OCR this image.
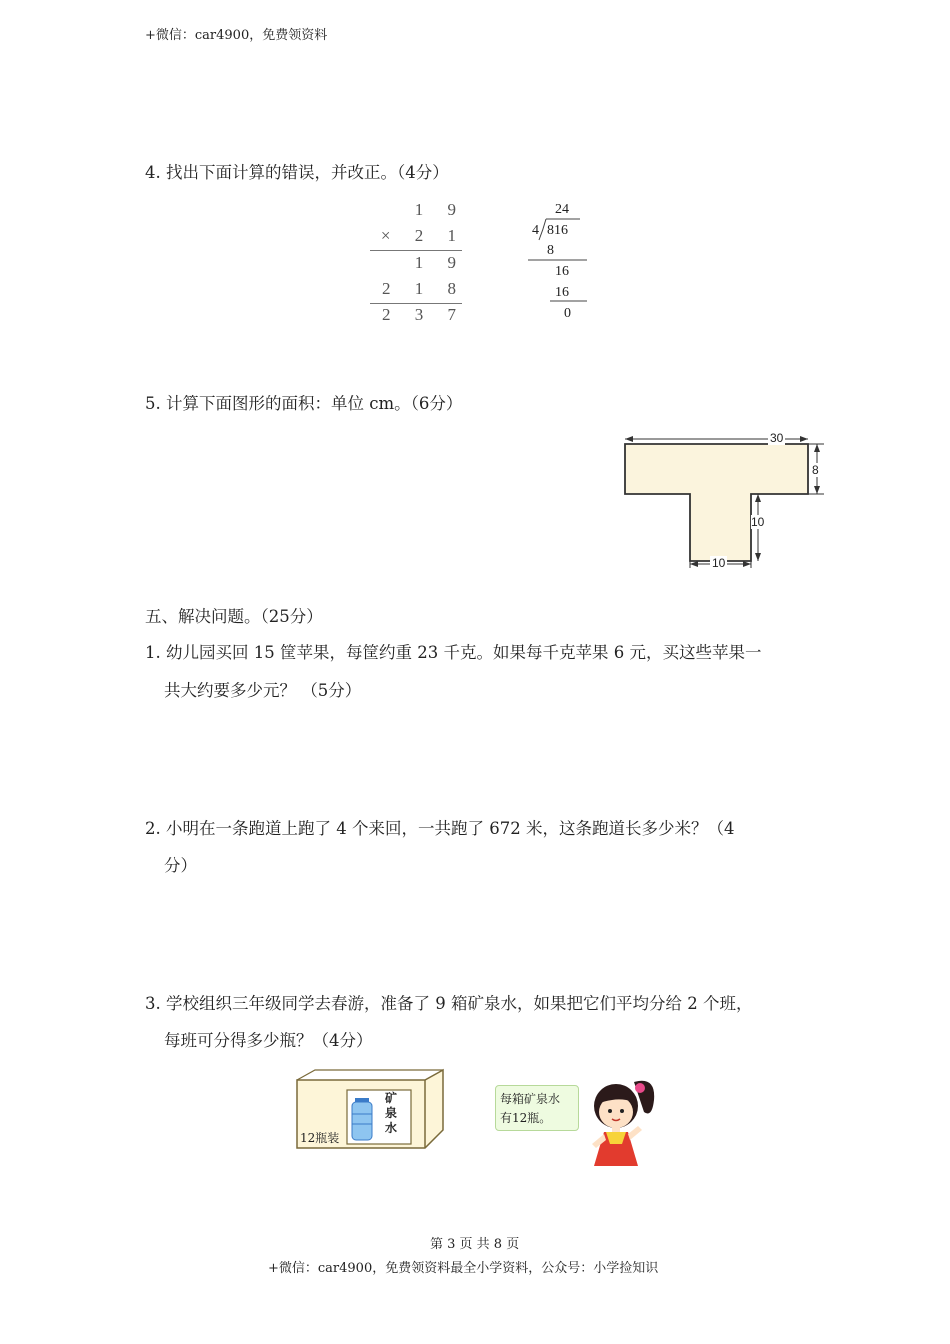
+微信：car4900，免费领资料
4. 找出下面计算的错误，并改正。（4分）
1 9
× 2 1
1 9
2 1 8
2 3 7
24
4 816
8
16
16
0
5. 计算下面图形的面积：单位 cm。（6分）
30
8
10
10
五、解决问题。（25分）
1. 幼儿园买回 15 筐苹果，每筐约重 23 千克。如果每千克苹果 6 元，买这些苹果一
共大约要多少元？ （5分）
2. 小明在一条跑道上跑了 4 个来回，一共跑了 672 米，这条跑道长多少米？（4
分）
3. 学校组织三年级同学去春游，准备了 9 箱矿泉水，如果把它们平均分给 2 个班，
每班可分得多少瓶？（4分）
12瓶装
矿泉水
每箱矿泉水
有12瓶。
第 3 页 共 8 页
+微信：car4900，免费领资料最全小学资料，公众号：小学捡知识
